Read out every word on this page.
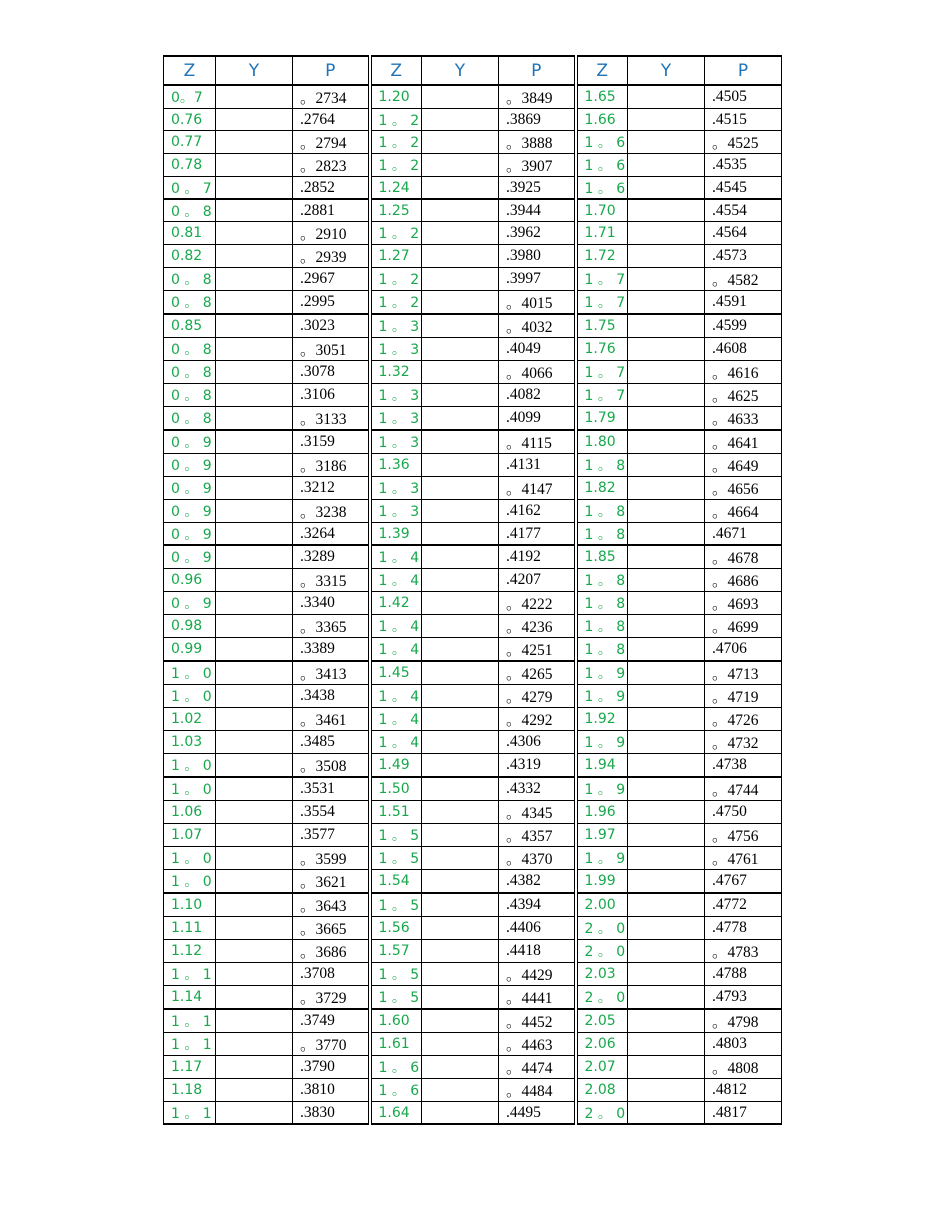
Z	Y	P	Z	Y	P	Z	Y	P
0。7		。2734	1.20		。3849	1.65		.4505
0.76		.2764	1 。 2		.3869	1.66		.4515
0.77		。2794	1 。 2		。3888	1 。 6		。4525
0.78		。2823	1 。 2		。3907	1 。 6		.4535
0 。 7		.2852	1.24		.3925	1 。 6		.4545
0 。 8		.2881	1.25		.3944	1.70		.4554
0.81		。2910	1 。 2		.3962	1.71		.4564
0.82		。2939	1.27		.3980	1.72		.4573
0 。 8		.2967	1 。 2		.3997	1 。 7		。4582
0 。 8		.2995	1 。 2		。4015	1 。 7		.4591
0.85		.3023	1 。 3		。4032	1.75		.4599
0 。 8		。3051	1 。 3		.4049	1.76		.4608
0 。 8		.3078	1.32		。4066	1 。 7		。4616
0 。 8		.3106	1 。 3		.4082	1 。 7		。4625
0 。 8		。3133	1 。 3		.4099	1.79		。4633
0 。 9		.3159	1 。 3		。4115	1.80		。4641
0 。 9		。3186	1.36		.4131	1 。 8		。4649
0 。 9		.3212	1 。 3		。4147	1.82		。4656
0 。 9		。3238	1 。 3		.4162	1 。 8		。4664
0 。 9		.3264	1.39		.4177	1 。 8		.4671
0 。 9		.3289	1 。 4		.4192	1.85		。4678
0.96		。3315	1 。 4		.4207	1 。 8		。4686
0 。 9		.3340	1.42		。4222	1 。 8		。4693
0.98		。3365	1 。 4		。4236	1 。 8		。4699
0.99		.3389	1 。 4		。4251	1 。 8		.4706
1 。 0		。3413	1.45		。4265	1 。 9		。4713
1 。 0		.3438	1 。 4		。4279	1 。 9		。4719
1.02		。3461	1 。 4		。4292	1.92		。4726
1.03		.3485	1 。 4		.4306	1 。 9		。4732
1 。 0		。3508	1.49		.4319	1.94		.4738
1 。 0		.3531	1.50		.4332	1 。 9		。4744
1.06		.3554	1.51		。4345	1.96		.4750
1.07		.3577	1 。 5		。4357	1.97		。4756
1 。 0		。3599	1 。 5		。4370	1 。 9		。4761
1 。 0		。3621	1.54		.4382	1.99		.4767
1.10		。3643	1 。 5		.4394	2.00		.4772
1.11		。3665	1.56		.4406	2 。 0		.4778
1.12		。3686	1.57		.4418	2 。 0		。4783
1 。 1		.3708	1 。 5		。4429	2.03		.4788
1.14		。3729	1 。 5		。4441	2 。 0		.4793
1 。 1		.3749	1.60		。4452	2.05		。4798
1 。 1		。3770	1.61		。4463	2.06		.4803
1.17		.3790	1 。 6		。4474	2.07		。4808
1.18		.3810	1 。 6		。4484	2.08		.4812
1 。 1		.3830	1.64		.4495	2 。 0		.4817
